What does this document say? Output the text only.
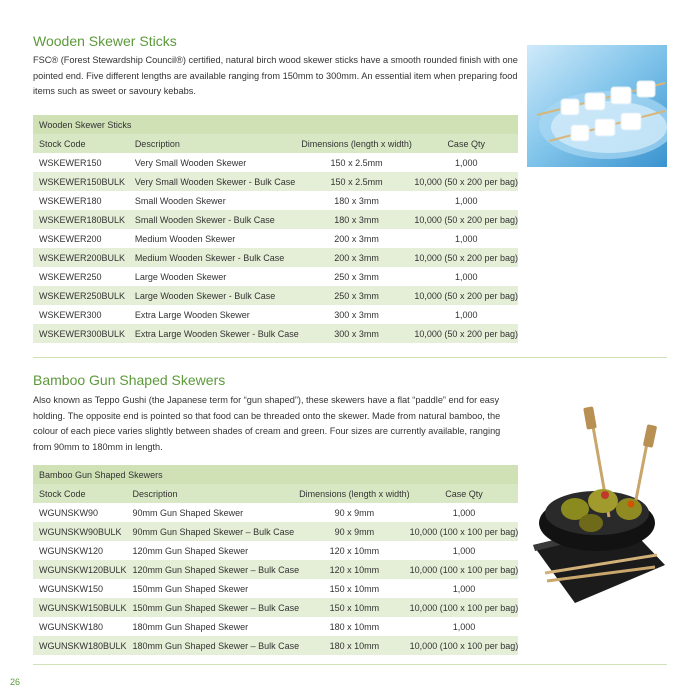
Wooden Skewer Sticks

FSC® (Forest Stewardship Council®) certified, natural birch wood skewer sticks have a smooth rounded finish with one pointed end. Five different lengths are available ranging from 150mm to 300mm. An essential item when preparing food items such as sweet or savoury kebabs.

Wooden Skewer Sticks			
Stock Code	Description	Dimensions (length x width)	Case Qty
WSKEWER150	Very Small Wooden Skewer	150 x 2.5mm	1,000
WSKEWER150BULK	Very Small Wooden Skewer - Bulk Case	150 x 2.5mm	10,000 (50 x 200 per bag)
WSKEWER180	Small Wooden Skewer	180 x 3mm	1,000
WSKEWER180BULK	Small Wooden Skewer - Bulk Case	180 x 3mm	10,000 (50 x 200 per bag)
WSKEWER200	Medium Wooden Skewer	200 x 3mm	1,000
WSKEWER200BULK	Medium Wooden Skewer - Bulk Case	200 x 3mm	10,000 (50 x 200 per bag)
WSKEWER250	Large Wooden Skewer	250 x 3mm	1,000
WSKEWER250BULK	Large Wooden Skewer - Bulk Case	250 x 3mm	10,000 (50 x 200 per bag)
WSKEWER300	Extra Large Wooden Skewer	300 x 3mm	1,000
WSKEWER300BULK	Extra Large Wooden Skewer - Bulk Case	300 x 3mm	10,000 (50 x 200 per bag)
Bamboo Gun Shaped Skewers

Also known as Teppo Gushi (the Japanese term for “gun shaped”), these skewers have a flat “paddle” end for easy holding. The opposite end is pointed so that food can be threaded onto the skewer. Made from natural bamboo, the colour of each piece varies slightly between shades of cream and green. Four sizes are currently available, ranging from 90mm to 180mm in length.

Bamboo Gun Shaped Skewers			
Stock Code	Description	Dimensions (length x width)	Case Qty
WGUNSKW90	90mm Gun Shaped Skewer	90 x 9mm	1,000
WGUNSKW90BULK	90mm Gun Shaped Skewer – Bulk Case	90 x 9mm	10,000 (100 x 100 per bag)
WGUNSKW120	120mm Gun Shaped Skewer	120 x 10mm	1,000
WGUNSKW120BULK	120mm Gun Shaped Skewer – Bulk Case	120 x 10mm	10,000 (100 x 100 per bag)
WGUNSKW150	150mm Gun Shaped Skewer	150 x 10mm	1,000
WGUNSKW150BULK	150mm Gun Shaped Skewer – Bulk Case	150 x 10mm	10,000 (100 x 100 per bag)
WGUNSKW180	180mm Gun Shaped Skewer	180 x 10mm	1,000
WGUNSKW180BULK	180mm Gun Shaped Skewer – Bulk Case	180 x 10mm	10,000 (100 x 100 per bag)
26
